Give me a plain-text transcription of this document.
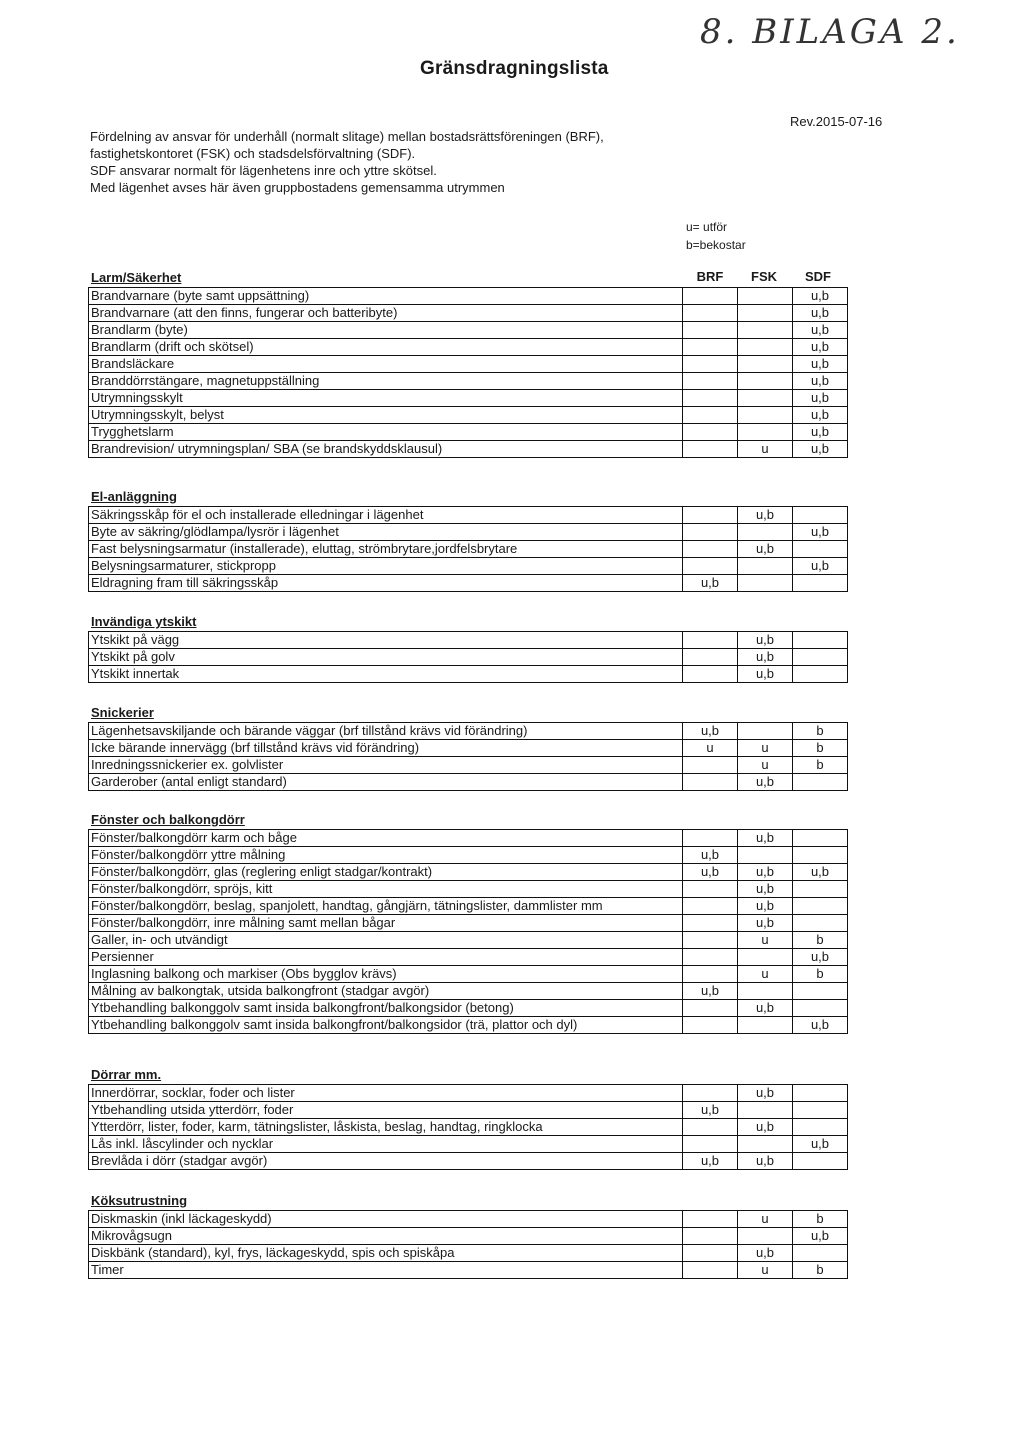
Gränsdragningslista
8. BILAGA 2.
Rev.2015-07-16
Fördelning av ansvar för underhåll (normalt slitage) mellan bostadsrättsföreningen (BRF),
fastighetskontoret (FSK) och stadsdelsförvaltning (SDF).
SDF ansvarar normalt för lägenhetens inre och yttre skötsel.
Med lägenhet avses här även gruppbostadens gemensamma utrymmen
u= utför
b=bekostar
BRF	FSK	SDF
Larm/Säkerhet
Brandvarnare (byte samt uppsättning)			u,b
Brandvarnare (att den finns, fungerar och batteribyte)			u,b
Brandlarm (byte)			u,b
Brandlarm (drift och skötsel)			u,b
Brandsläckare			u,b
Branddörrstängare, magnetuppställning			u,b
Utrymningsskylt			u,b
Utrymningsskylt, belyst			u,b
Trygghetslarm			u,b
Brandrevision/ utrymningsplan/ SBA (se brandskyddsklausul)		u	u,b
El-anläggning
Säkringsskåp för el och installerade elledningar i lägenhet		u,b	
Byte av säkring/glödlampa/lysrör i lägenhet			u,b
Fast belysningsarmatur (installerade), eluttag, strömbrytare,jordfelsbrytare		u,b	
Belysningsarmaturer, stickpropp			u,b
Eldragning fram till säkringsskåp	u,b		
Invändiga ytskikt
Ytskikt på vägg		u,b	
Ytskikt på golv		u,b	
Ytskikt innertak		u,b	
Snickerier
Lägenhetsavskiljande och bärande väggar (brf tillstånd krävs vid förändring)	u,b		b
Icke bärande innervägg (brf tillstånd krävs vid förändring)	u	u	b
Inredningssnickerier ex. golvlister		u	b
Garderober (antal enligt standard)		u,b	
Fönster och balkongdörr
Fönster/balkongdörr karm och båge		u,b	
Fönster/balkongdörr yttre målning	u,b		
Fönster/balkongdörr, glas (reglering enligt stadgar/kontrakt)	u,b	u,b	u,b
Fönster/balkongdörr, spröjs, kitt		u,b	
Fönster/balkongdörr, beslag, spanjolett, handtag, gångjärn, tätningslister, dammlister mm		u,b	
Fönster/balkongdörr, inre målning samt mellan bågar		u,b	
Galler, in- och utvändigt		u	b
Persienner			u,b
Inglasning balkong och markiser (Obs bygglov krävs)		u	b
Målning av balkongtak, utsida balkongfront (stadgar avgör)	u,b		
Ytbehandling balkonggolv samt insida balkongfront/balkongsidor (betong)		u,b	
Ytbehandling balkonggolv samt insida balkongfront/balkongsidor (trä, plattor och dyl)			u,b
Dörrar mm.
Innerdörrar, socklar, foder och lister		u,b	
Ytbehandling utsida ytterdörr, foder	u,b		
Ytterdörr, lister, foder, karm, tätningslister, låskista, beslag, handtag, ringklocka		u,b	
Lås inkl. låscylinder och nycklar			u,b
Brevlåda i dörr (stadgar avgör)	u,b	u,b	
Köksutrustning
Diskmaskin (inkl läckageskydd)		u	b
Mikrovågsugn			u,b
Diskbänk (standard), kyl, frys, läckageskydd, spis och spiskåpa		u,b	
Timer		u	b
